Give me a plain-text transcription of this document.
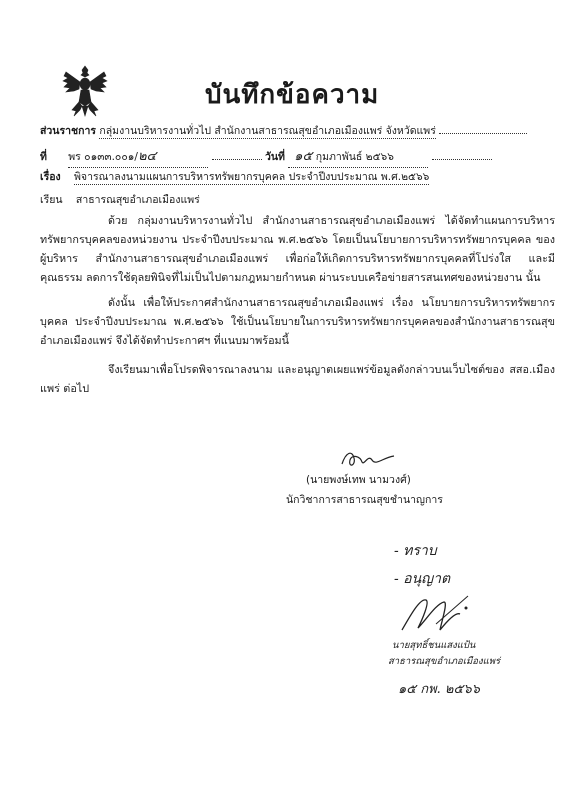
บันทึกข้อความ
ส่วนราชการ กลุ่มงานบริหารงานทั่วไป สำนักงานสาธารณสุขอำเภอเมืองแพร่ จังหวัดแพร่
ที่ พร ๐๑๓๓.๐๐๑/๒๔	วันที่ ๑๕ กุมภาพันธ์ ๒๕๖๖
เรื่อง พิจารณาลงนามแผนการบริหารทรัพยากรบุคคล ประจำปีงบประมาณ พ.ศ.๒๕๖๖
เรียน สาธารณสุขอำเภอเมืองแพร่

ด้วย กลุ่มงานบริหารงานทั่วไป สำนักงานสาธารณสุขอำเภอเมืองแพร่ ได้จัดทำแผนการบริหารทรัพยากรบุคคลของหน่วยงาน ประจำปีงบประมาณ พ.ศ.๒๕๖๖ โดยเป็นนโยบายการบริหารทรัพยากรบุคคล ของผู้บริหาร สำนักงานสาธารณสุขอำเภอเมืองแพร่ เพื่อก่อให้เกิดการบริหารทรัพยากรบุคคลที่โปร่งใส และมีคุณธรรม ลดการใช้ดุลยพินิจที่ไม่เป็นไปตามกฎหมายกำหนด ผ่านระบบเครือข่ายสารสนเทศของหน่วยงาน นั้น

ดังนั้น เพื่อให้ประกาศสำนักงานสาธารณสุขอำเภอเมืองแพร่ เรื่อง นโยบายการบริหารทรัพยากรบุคคล ประจำปีงบประมาณ พ.ศ.๒๕๖๖ ใช้เป็นนโยบายในการบริหารทรัพยากรบุคคลของสำนักงานสาธารณสุขอำเภอเมืองแพร่ จึงได้จัดทำประกาศฯ ที่แนบมาพร้อมนี้

จึงเรียนมาเพื่อโปรดพิจารณาลงนาม และอนุญาตเผยแพร่ข้อมูลดังกล่าวบนเว็บไซต์ของ สสอ.เมืองแพร่ ต่อไป

(นายพงษ์เทพ นามวงศ์)
นักวิชาการสาธารณสุขชำนาญการ
- ทราบ
- อนุญาต
นายสุทธิ์ชนแสงแป้น
สาธารณสุขอำเภอเมืองแพร่
๑๕ กพ. ๒๕๖๖
